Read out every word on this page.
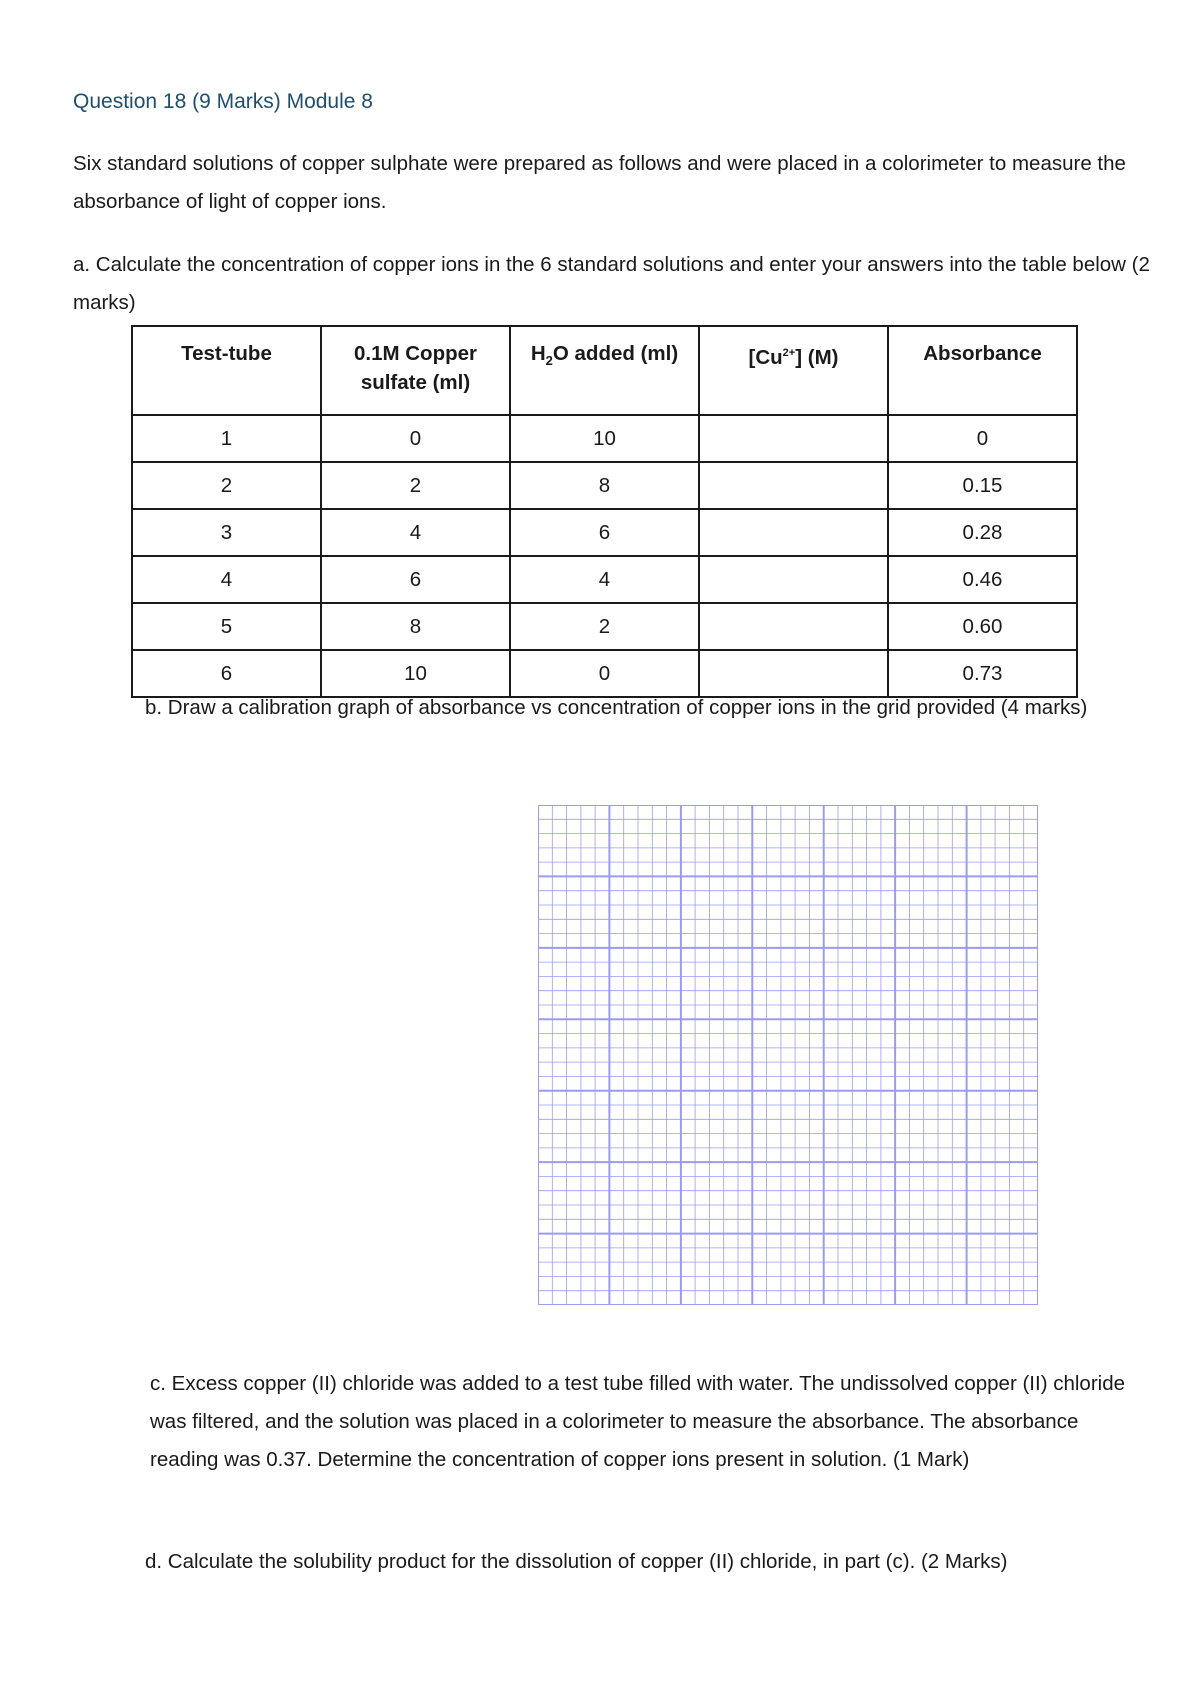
Question 18 (9 Marks) Module 8
Six standard solutions of copper sulphate were prepared as follows and were placed in a colorimeter to measure the absorbance of light of copper ions.
a. Calculate the concentration of copper ions in the 6 standard solutions and enter your answers into the table below (2 marks)
Test-tube	0.1M Copper sulfate (ml)	$H_2O$ added (ml)	$[Cu^{2+}]$ (M)	Absorbance
1	0	10		0
2	2	8		0.15
3	4	6		0.28
4	6	4		0.46
5	8	2		0.60
6	10	0		0.73
b. Draw a calibration graph of absorbance vs concentration of copper ions in the grid provided (4 marks)
c. Excess copper (II) chloride was added to a test tube filled with water. The undissolved copper (II) chloride was filtered, and the solution was placed in a colorimeter to measure the absorbance. The absorbance reading was 0.37. Determine the concentration of copper ions present in solution. (1 Mark)
d. Calculate the solubility product for the dissolution of copper (II) chloride, in part (c). (2 Marks)
